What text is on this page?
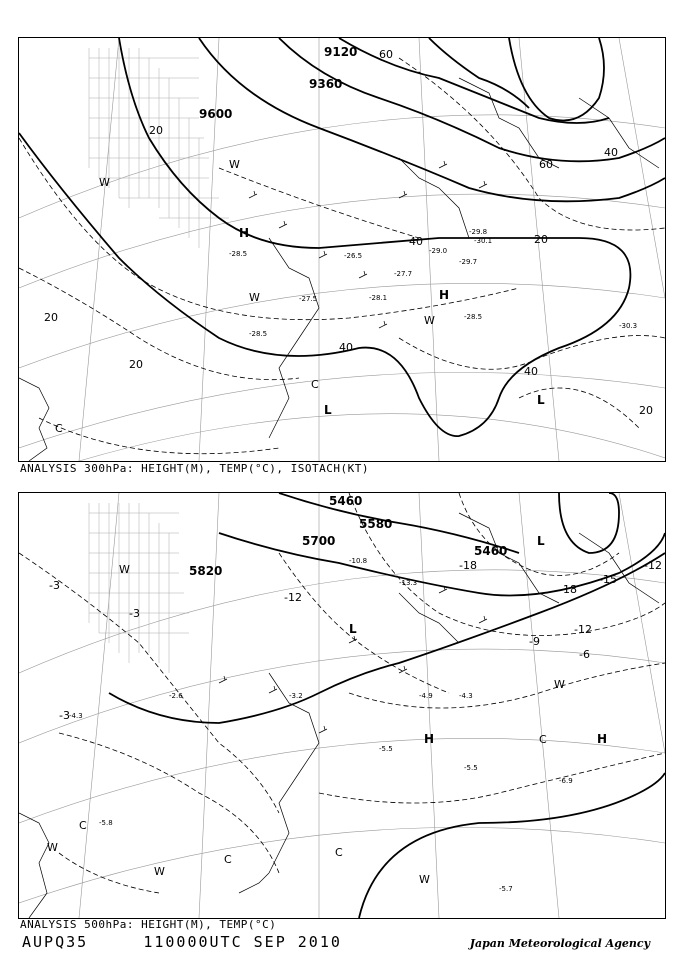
9120
9360
9600
20
40
60
40
60
20
40
40
20
20
20
H
H
L
L
C
C
W
W
W
W
-29.8
-28.5
-28.1
-29.7
-27.7
-29.0
-30.1
-28.5
-30.3
-27.5
-28.5
-26.5
ANALYSIS 300hPa: HEIGHT(M), TEMP(°C), ISOTACH(KT)
5460
5580
5700
5820
5460
-3
-3
-12
-18
-15
-18
-12
-9
-6
-3
-12
H	H
L
L
C
C
C
C
W
W
W
W
W
-10.8
-13.3
-4.9	-4.3
-5.5
-6.9
-5.7
-2.6
-4.3
-3.2
-5.5
-5.8
ANALYSIS 500hPa: HEIGHT(M), TEMP(°C)
AUPQ35	110000UTC SEP 2010	Japan Meteorological Agency
